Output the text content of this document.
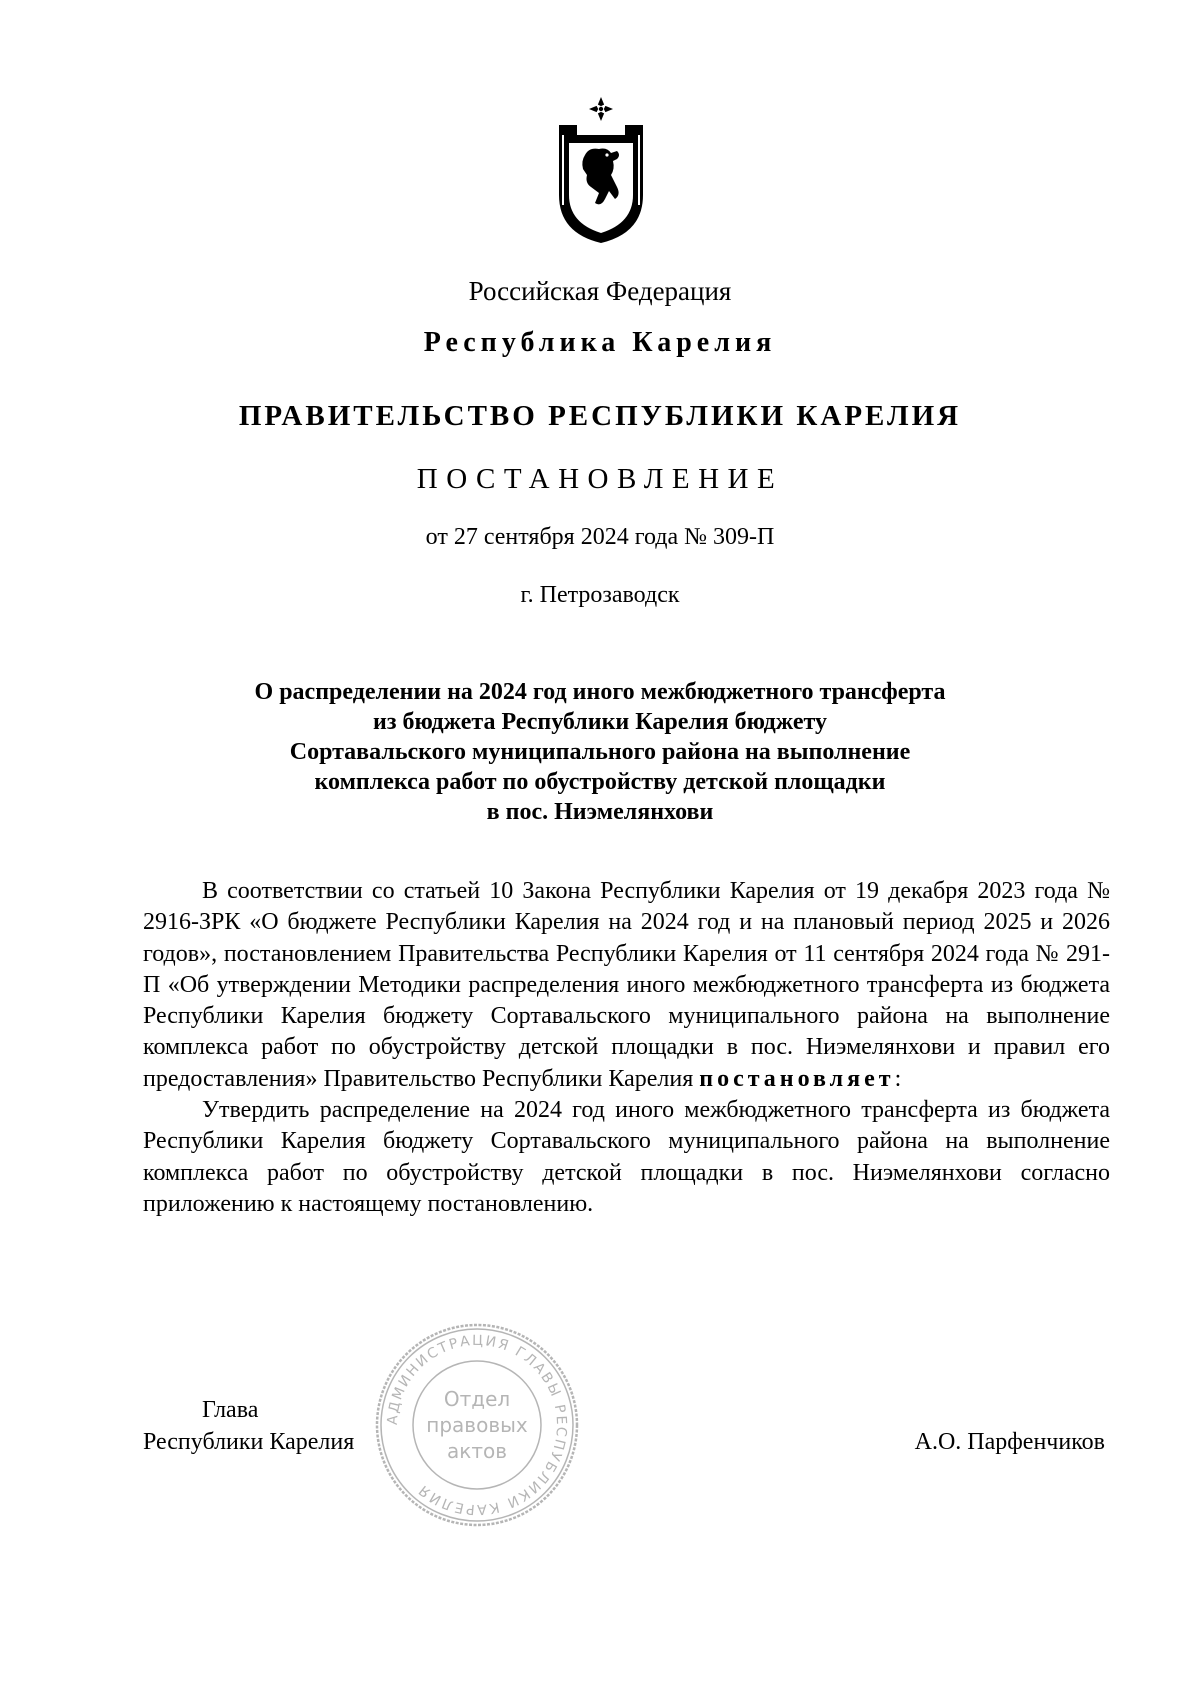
Российская Федерация
Республика Карелия
ПРАВИТЕЛЬСТВО РЕСПУБЛИКИ КАРЕЛИЯ
ПОСТАНОВЛЕНИЕ
от 27 сентября 2024 года № 309-П
г. Петрозаводск
О распределении на 2024 год иного межбюджетного трансферта
из бюджета Республики Карелия бюджету
Сортавальского муниципального района на выполнение
комплекса работ по обустройству детской площадки
в пос. Ниэмелянхови

В соответствии со статьей 10 Закона Республики Карелия от 19 декабря 2023 года № 2916-ЗРК «О бюджете Республики Карелия на 2024 год и на плановый период 2025 и 2026 годов», постановлением Правительства Республики Карелия от 11 сентября 2024 года № 291-П «Об утверждении Методики распределения иного межбюджетного трансферта из бюджета Республики Карелия бюджету Сортавальского муниципального района на выполнение комплекса работ по обустройству детской площадки в пос. Ниэмелянхови и правил его предоставления» Правительство Республики Карелия постановляет:

Утвердить распределение на 2024 год иного межбюджетного трансферта из бюджета Республики Карелия бюджету Сортавальского муниципального района на выполнение комплекса работ по обустройству детской площадки в пос. Ниэмелянхови согласно приложению к настоящему постановлению.

Глава
Республики Карелия	А.О. Парфенчиков
АДМИНИСТРАЦИЯ ГЛАВЫ РЕСПУБЛИКИ КАРЕЛИЯ
Отдел
правовых
актов
